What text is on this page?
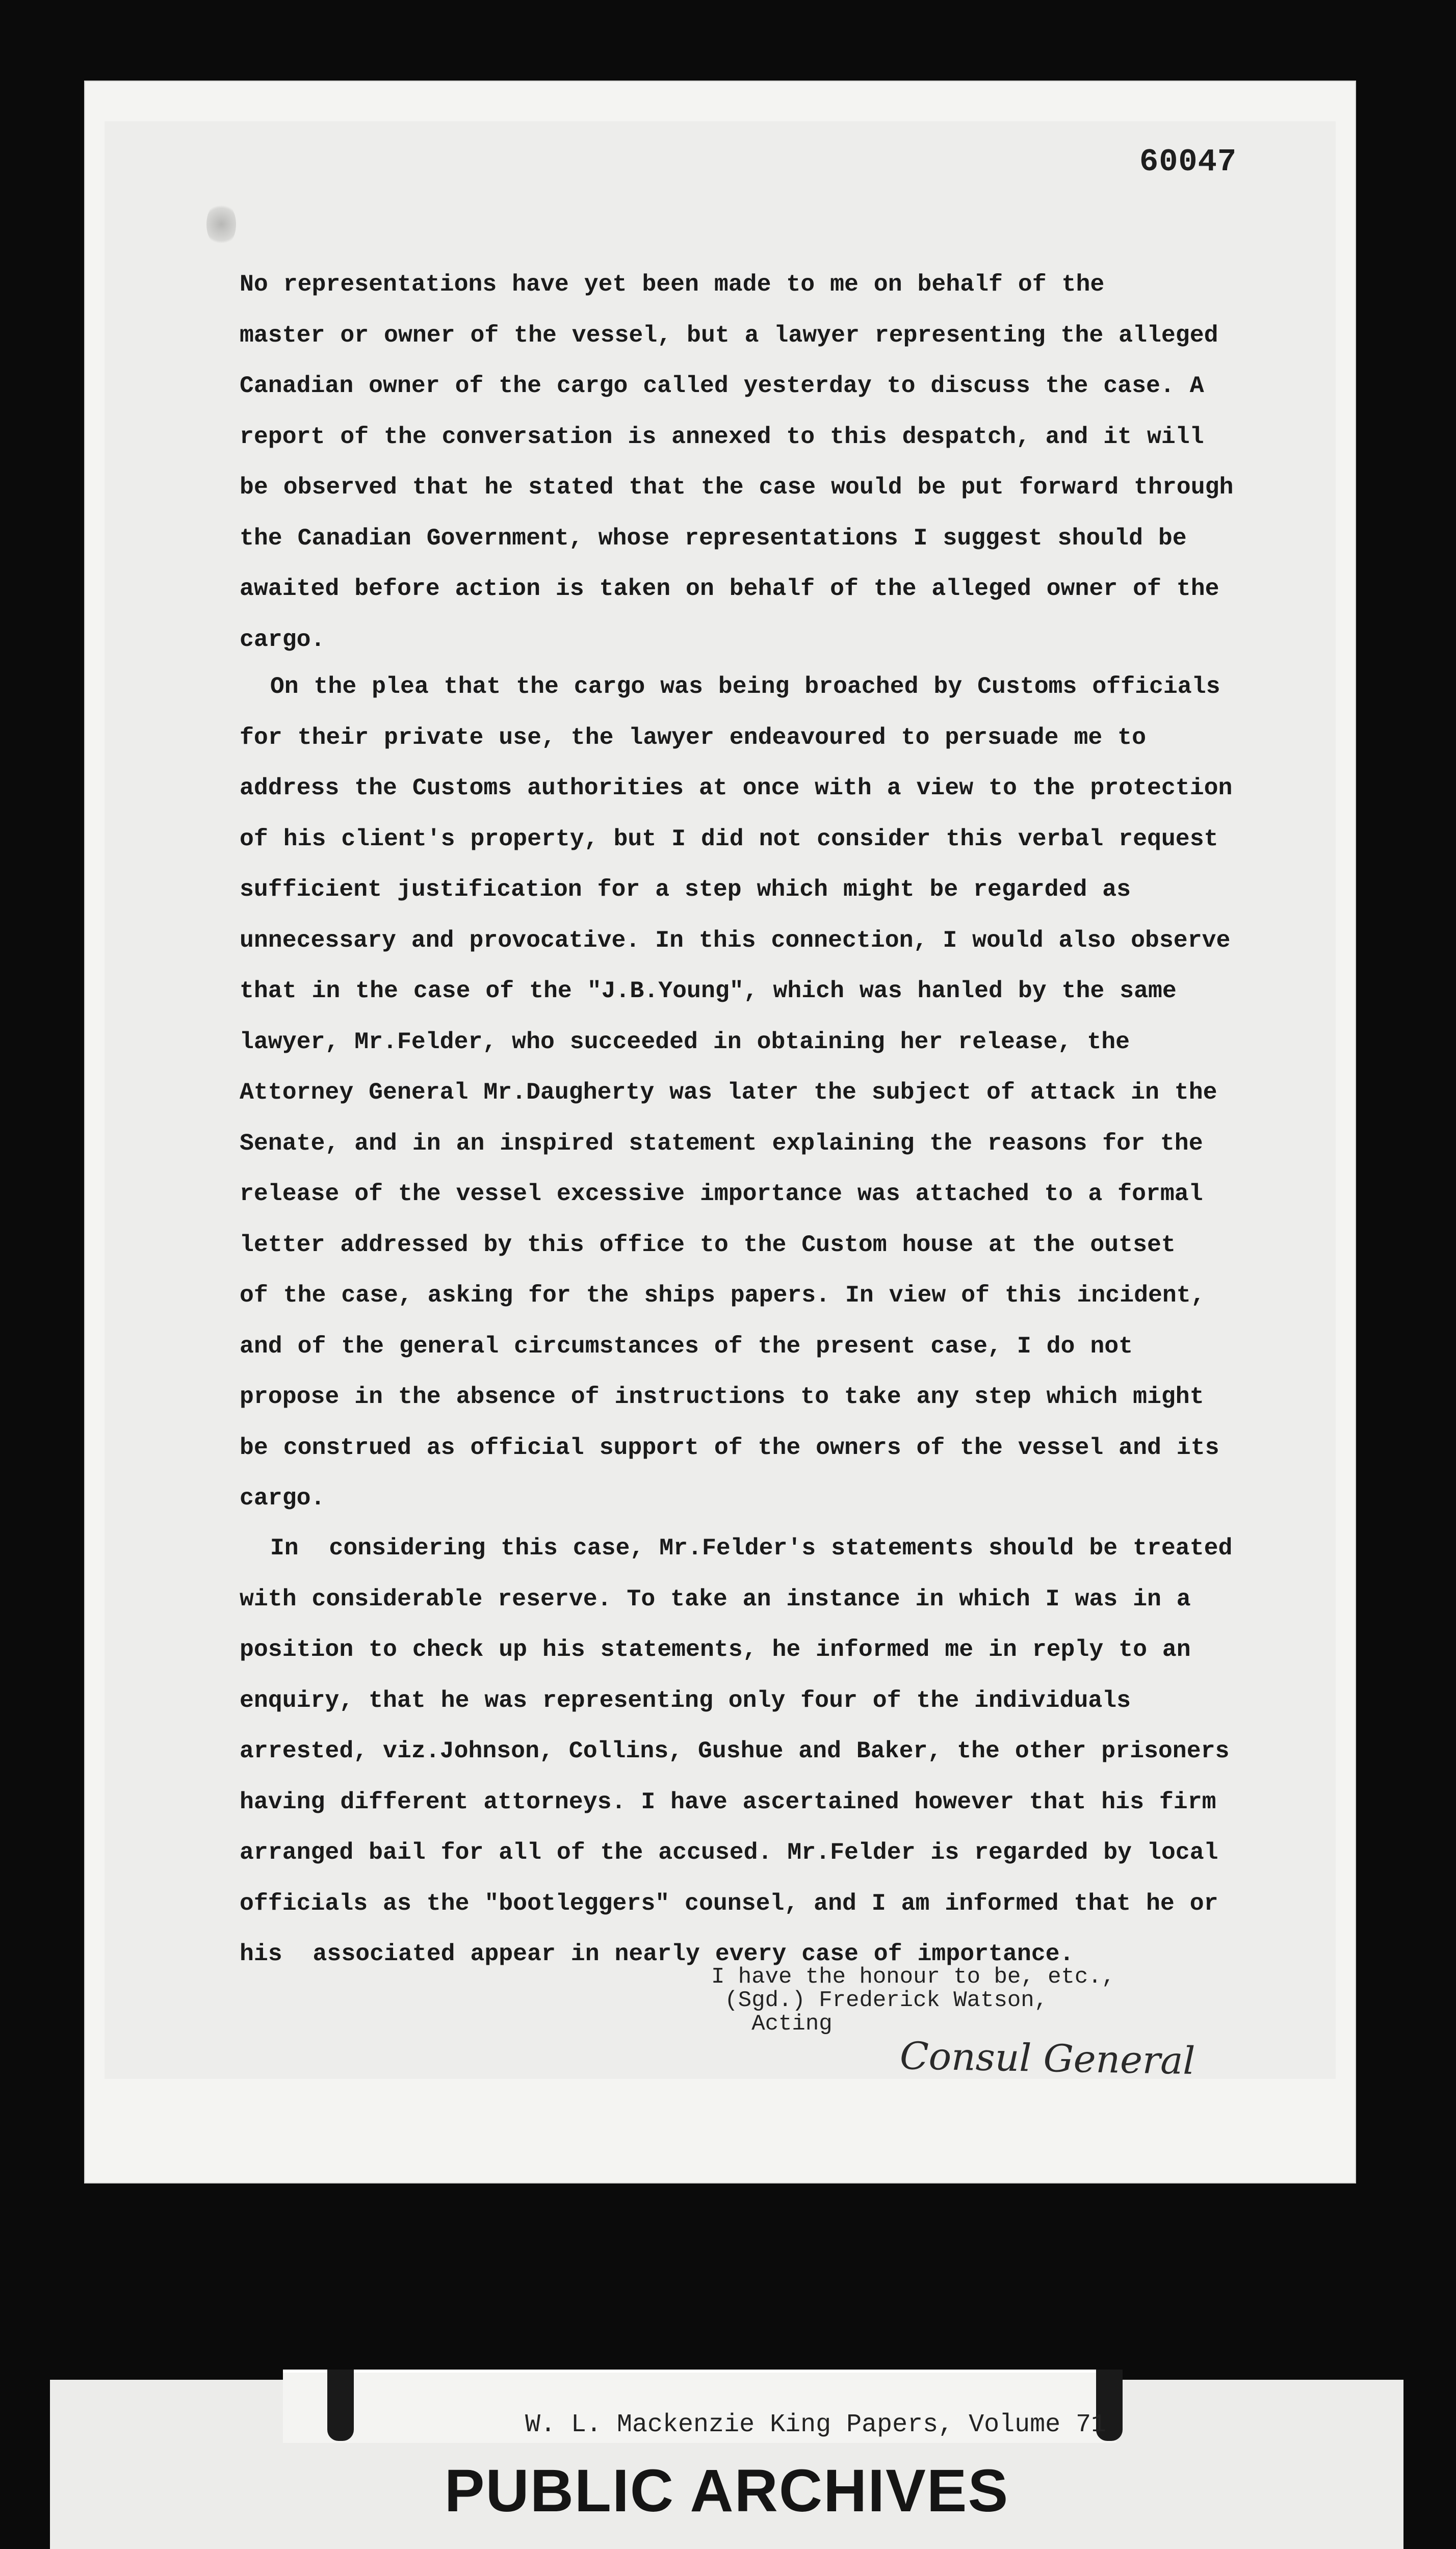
60047
No representations have yet been made to me on behalf of the
master or owner of the vessel, but a lawyer representing the alleged
Canadian owner of the cargo called yesterday to discuss the case. A
report of the conversation is annexed to this despatch, and it will
be observed that he stated that the case would be put forward through
the Canadian Government, whose representations I suggest should be
awaited before action is taken on behalf of the alleged owner of the
cargo.
On the plea that the cargo was being broached by Customs officials
for their private use, the lawyer endeavoured to persuade me to
address the Customs authorities at once with a view to the protection
of his client's property, but I did not consider this verbal request
sufficient justification for a step which might be regarded as
unnecessary and provocative. In this connection, I would also observe
that in the case of the "J.B.Young", which was hanled by the same
lawyer, Mr.Felder, who succeeded in obtaining her release, the
Attorney General Mr.Daugherty was later the subject of attack in the
Senate, and in an inspired statement explaining the reasons for the
release of the vessel excessive importance was attached to a formal
letter addressed by this office to the Custom house at the outset
of the case, asking for the ships papers. In view of this incident,
and of the general circumstances of the present case, I do not
propose in the absence of instructions to take any step which might
be construed as official support of the owners of the vessel and its
cargo.
In  considering this case, Mr.Felder's statements should be treated
with considerable reserve. To take an instance in which I was in a
position to check up his statements, he informed me in reply to an
enquiry, that he was representing only four of the individuals
arrested, viz.Johnson, Collins, Gushue and Baker, the other prisoners
having different attorneys. I have ascertained however that his firm
arranged bail for all of the accused. Mr.Felder is regarded by local
officials as the "bootleggers" counsel, and I am informed that he or
his  associated appear in nearly every case of importance.
I have the honour to be, etc.,
(Sgd.) Frederick Watson,
Acting
Consul General
W. L. Mackenzie King Papers, Volume 71
PUBLIC ARCHIVES
